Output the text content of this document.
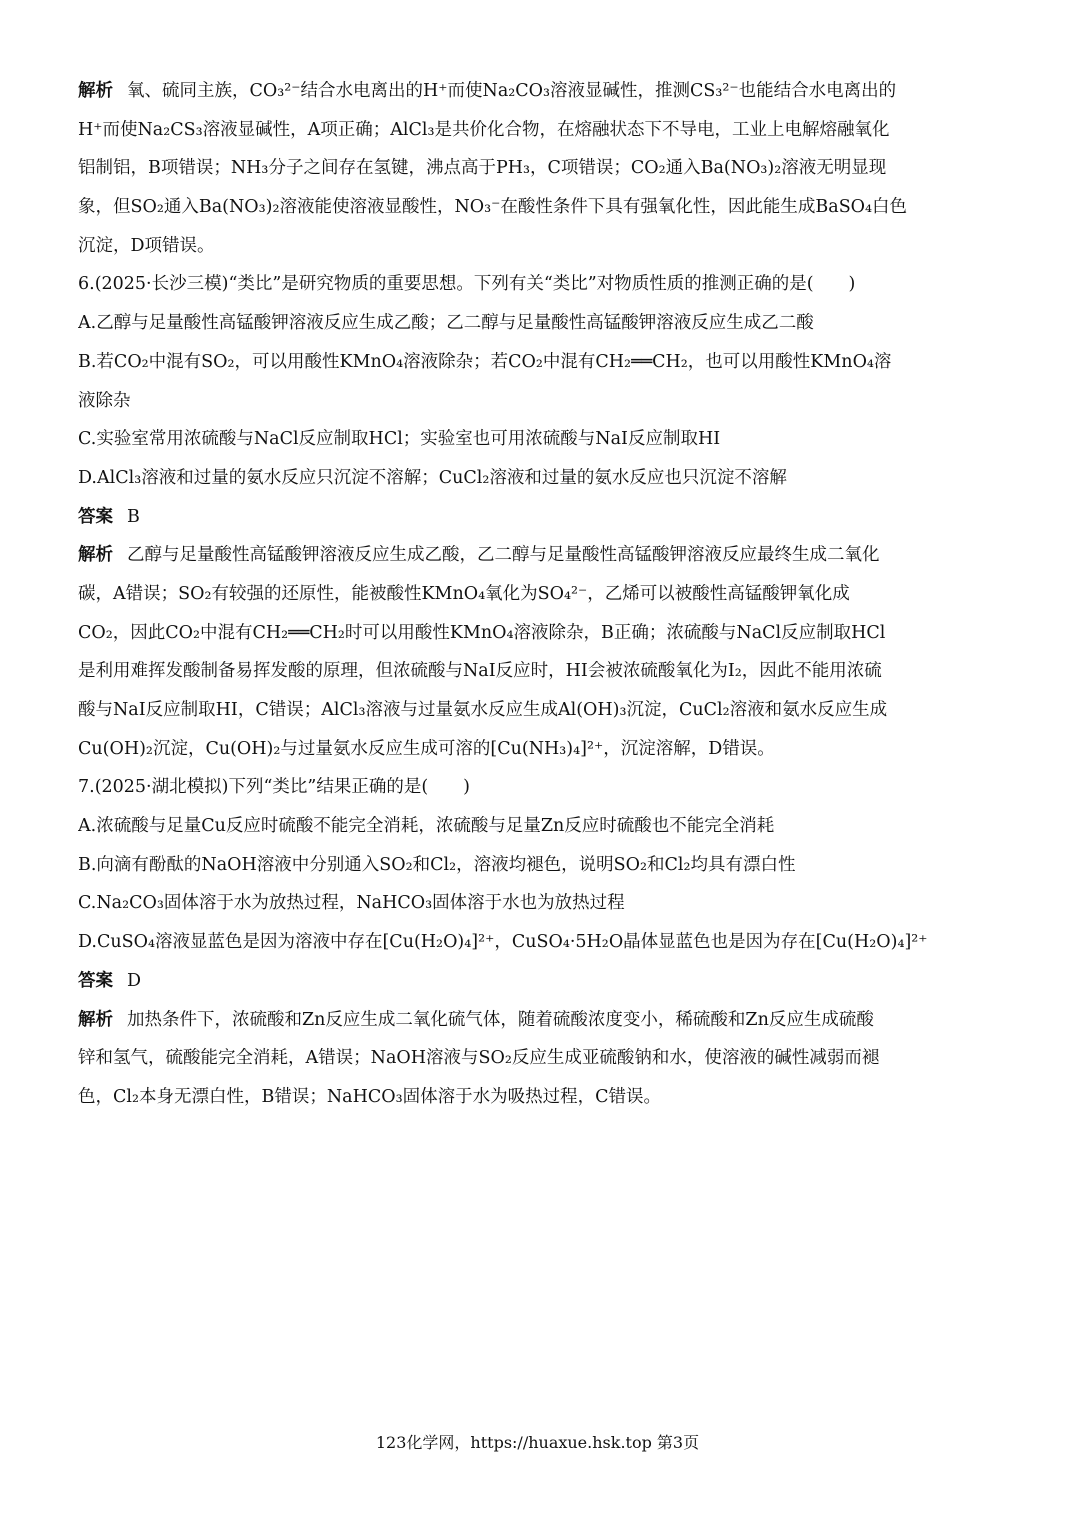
解析 氧、硫同主族，CO₃²⁻结合水电离出的H⁺而使Na₂CO₃溶液显碱性，推测CS₃²⁻也能结合水电离出的
H⁺而使Na₂CS₃溶液显碱性，A项正确；AlCl₃是共价化合物，在熔融状态下不导电，工业上电解熔融氧化
铝制铝，B项错误；NH₃分子之间存在氢键，沸点高于PH₃，C项错误；CO₂通入Ba(NO₃)₂溶液无明显现
象，但SO₂通入Ba(NO₃)₂溶液能使溶液显酸性，NO₃⁻在酸性条件下具有强氧化性，因此能生成BaSO₄白色
沉淀，D项错误。
6.(2025·长沙三模)“类比”是研究物质的重要思想。下列有关“类比”对物质性质的推测正确的是(　　)
A.乙醇与足量酸性高锰酸钾溶液反应生成乙酸；乙二醇与足量酸性高锰酸钾溶液反应生成乙二酸
B.若CO₂中混有SO₂，可以用酸性KMnO₄溶液除杂；若CO₂中混有CH₂══CH₂，也可以用酸性KMnO₄溶
液除杂
C.实验室常用浓硫酸与NaCl反应制取HCl；实验室也可用浓硫酸与NaI反应制取HI
D.AlCl₃溶液和过量的氨水反应只沉淀不溶解；CuCl₂溶液和过量的氨水反应也只沉淀不溶解
答案 B
解析 乙醇与足量酸性高锰酸钾溶液反应生成乙酸，乙二醇与足量酸性高锰酸钾溶液反应最终生成二氧化
碳，A错误；SO₂有较强的还原性，能被酸性KMnO₄氧化为SO₄²⁻，乙烯可以被酸性高锰酸钾氧化成
CO₂，因此CO₂中混有CH₂══CH₂时可以用酸性KMnO₄溶液除杂，B正确；浓硫酸与NaCl反应制取HCl
是利用难挥发酸制备易挥发酸的原理，但浓硫酸与NaI反应时，HI会被浓硫酸氧化为I₂，因此不能用浓硫
酸与NaI反应制取HI，C错误；AlCl₃溶液与过量氨水反应生成Al(OH)₃沉淀，CuCl₂溶液和氨水反应生成
Cu(OH)₂沉淀，Cu(OH)₂与过量氨水反应生成可溶的[Cu(NH₃)₄]²⁺，沉淀溶解，D错误。
7.(2025·湖北模拟)下列“类比”结果正确的是(　　)
A.浓硫酸与足量Cu反应时硫酸不能完全消耗，浓硫酸与足量Zn反应时硫酸也不能完全消耗
B.向滴有酚酞的NaOH溶液中分别通入SO₂和Cl₂，溶液均褪色，说明SO₂和Cl₂均具有漂白性
C.Na₂CO₃固体溶于水为放热过程，NaHCO₃固体溶于水也为放热过程
D.CuSO₄溶液显蓝色是因为溶液中存在[Cu(H₂O)₄]²⁺，CuSO₄·5H₂O晶体显蓝色也是因为存在[Cu(H₂O)₄]²⁺
答案 D
解析 加热条件下，浓硫酸和Zn反应生成二氧化硫气体，随着硫酸浓度变小，稀硫酸和Zn反应生成硫酸
锌和氢气，硫酸能完全消耗，A错误；NaOH溶液与SO₂反应生成亚硫酸钠和水，使溶液的碱性减弱而褪
色，Cl₂本身无漂白性，B错误；NaHCO₃固体溶于水为吸热过程，C错误。
123化学网，https://huaxue.hsk.top 第3页
